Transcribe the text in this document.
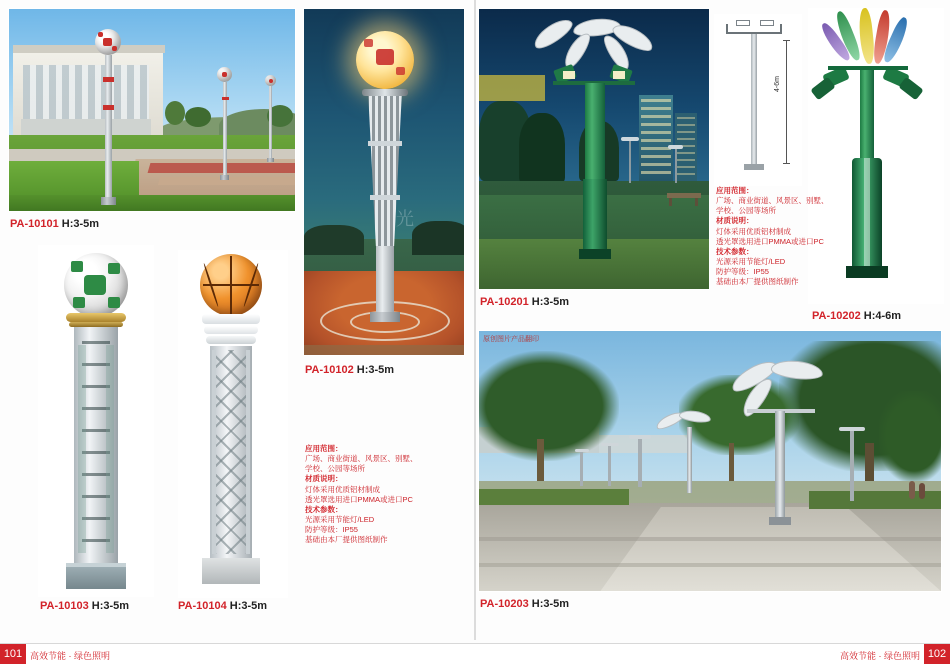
PA-10101 H:3-5m	光
PA-10102 H:3-5m
PA-10103 H:3-5m	PA-10104 H:3-5m
应用范围：
广场、商业街道、风景区、别墅、
学校、公园等场所
材质说明：
灯体采用优质铝材制成
透光罩选用进口PMMA或进口PC
技术参数：
光源采用节能灯/LED
防护等级：IP55
基础由本厂提供图纸制作
PA-10201 H:3-5m
4-6m
PA-10202 H:4-6m
应用范围：
广场、商业街道、风景区、别墅、
学校、公园等场所
材质说明：
灯体采用优质铝材制成
透光罩选用进口PMMA或进口PC
技术参数：
光源采用节能灯/LED
防护等级：IP55
基础由本厂提供图纸制作
原创图片产品翻印
PA-10203 H:3-5m
101 高效节能 · 绿色照明	高效节能 · 绿色照明 102
